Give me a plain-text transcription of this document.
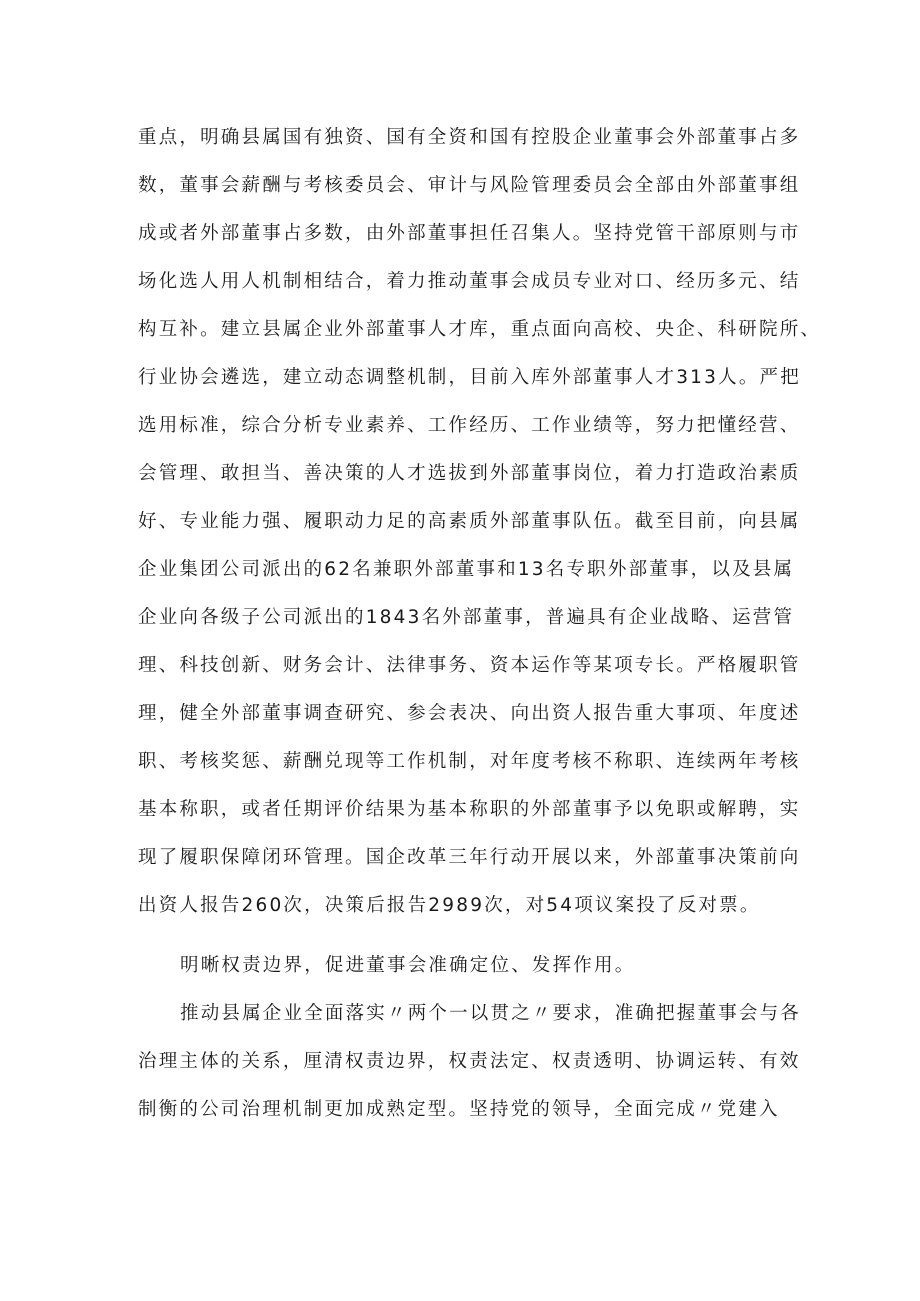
重点，明确县属国有独资、国有全资和国有控股企业董事会外部董事占多
数，董事会薪酬与考核委员会、审计与风险管理委员会全部由外部董事组
成或者外部董事占多数，由外部董事担任召集人。坚持党管干部原则与市
场化选人用人机制相结合，着力推动董事会成员专业对口、经历多元、结
构互补。建立县属企业外部董事人才库，重点面向高校、央企、科研院所、
行业协会遴选，建立动态调整机制，目前入库外部董事人才313人。严把
选用标准，综合分析专业素养、工作经历、工作业绩等，努力把懂经营、
会管理、敢担当、善决策的人才选拔到外部董事岗位，着力打造政治素质
好、专业能力强、履职动力足的高素质外部董事队伍。截至目前，向县属
企业集团公司派出的62名兼职外部董事和13名专职外部董事，以及县属
企业向各级子公司派出的1843名外部董事，普遍具有企业战略、运营管
理、科技创新、财务会计、法律事务、资本运作等某项专长。严格履职管
理，健全外部董事调查研究、参会表决、向出资人报告重大事项、年度述
职、考核奖惩、薪酬兑现等工作机制，对年度考核不称职、连续两年考核
基本称职，或者任期评价结果为基本称职的外部董事予以免职或解聘，实
现了履职保障闭环管理。国企改革三年行动开展以来，外部董事决策前向
出资人报告260次，决策后报告2989次，对54项议案投了反对票。
明晰权责边界，促进董事会准确定位、发挥作用。
推动县属企业全面落实〃两个一以贯之〃要求，准确把握董事会与各
治理主体的关系，厘清权责边界，权责法定、权责透明、协调运转、有效
制衡的公司治理机制更加成熟定型。坚持党的领导，全面完成〃党建入
